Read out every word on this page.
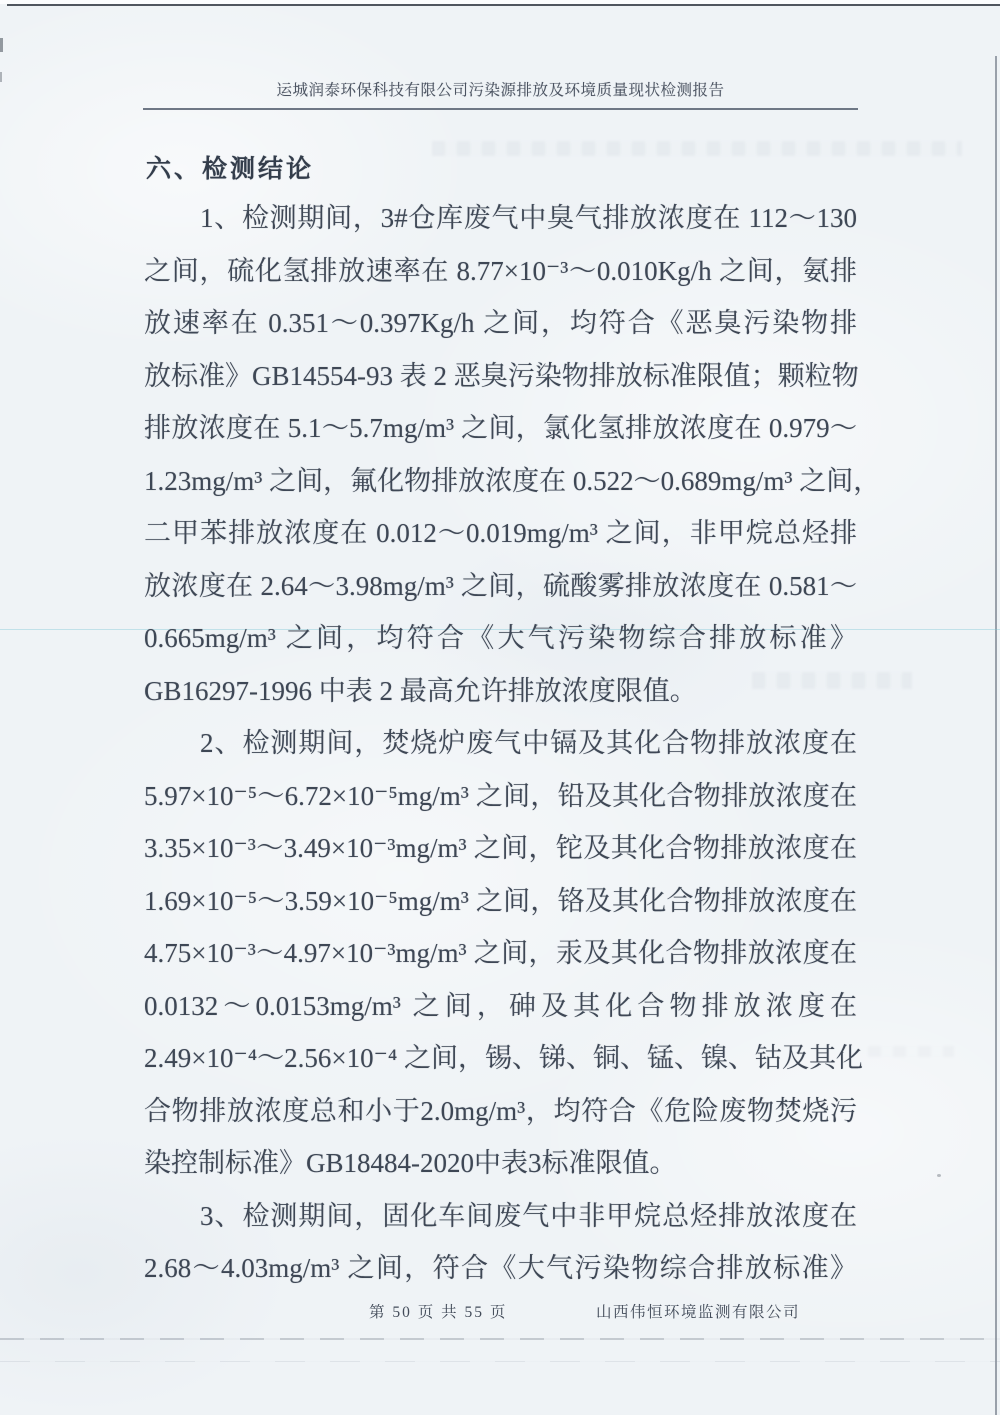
运城润泰环保科技有限公司污染源排放及环境质量现状检测报告
六、检测结论
1、检测期间，3#仓库废气中臭气排放浓度在 112～130
之间，硫化氢排放速率在 8.77×10⁻³～0.010Kg/h 之间，氨排
放速率在 0.351～0.397Kg/h 之间，均符合《恶臭污染物排
放标准》GB14554-93 表 2 恶臭污染物排放标准限值；颗粒物
排放浓度在 5.1～5.7mg/m³ 之间，氯化氢排放浓度在 0.979～
1.23mg/m³ 之间，氟化物排放浓度在 0.522～0.689mg/m³ 之间，
二甲苯排放浓度在 0.012～0.019mg/m³ 之间，非甲烷总烃排
放浓度在 2.64～3.98mg/m³ 之间，硫酸雾排放浓度在 0.581～
0.665mg/m³ 之间，均符合《大气污染物综合排放标准》
GB16297-1996 中表 2 最高允许排放浓度限值。
2、检测期间，焚烧炉废气中镉及其化合物排放浓度在
5.97×10⁻⁵～6.72×10⁻⁵mg/m³ 之间，铅及其化合物排放浓度在
3.35×10⁻³～3.49×10⁻³mg/m³ 之间，铊及其化合物排放浓度在
1.69×10⁻⁵～3.59×10⁻⁵mg/m³ 之间，铬及其化合物排放浓度在
4.75×10⁻³～4.97×10⁻³mg/m³ 之间，汞及其化合物排放浓度在
0.0132～0.0153mg/m³ 之间，砷及其化合物排放浓度在
2.49×10⁻⁴～2.56×10⁻⁴ 之间，锡、锑、铜、锰、镍、钴及其化
合物排放浓度总和小于2.0mg/m³，均符合《危险废物焚烧污
染控制标准》GB18484-2020中表3标准限值。
3、检测期间，固化车间废气中非甲烷总烃排放浓度在
2.68～4.03mg/m³ 之间，符合《大气污染物综合排放标准》
第 50 页 共 55 页	山西伟恒环境监测有限公司
